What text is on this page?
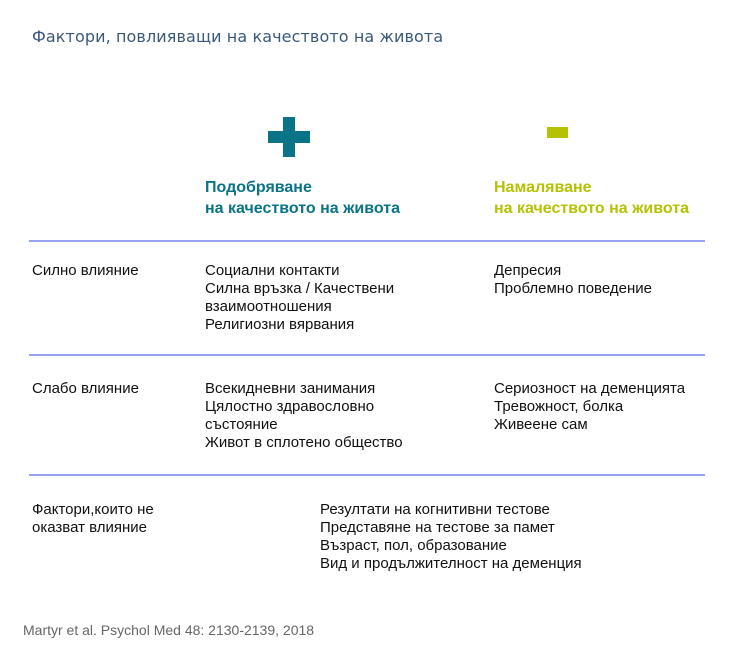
Фактори, повлияващи на качеството на живота
Подобряване
на качеството на живота
Намаляване
на качеството на живота
Силно влияние	Социални контакти
Силна връзка / Качествени
взаимоотношения
Религиозни вярвания
Депресия
Проблемно поведение
Слабо влияние	Всекидневни занимания
Цялостно здравословно
състояние
Живот в сплотено общество
Сериозност на деменцията
Тревожност, болка
Живеене сам
Фактори,които не
оказват влияние
Резултати на когнитивни тестове
Представяне на тестове за памет
Възраст, пол, образование
Вид и продължителност на деменция
Martyr et al. Psychol Med 48: 2130-2139, 2018
